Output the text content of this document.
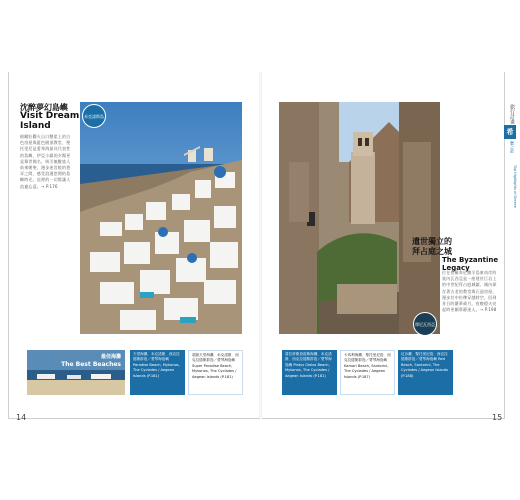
沈醉夢幻島嶼
Visit Dream Island
俯瞰壯觀火山口懸崖上的白色房屋與藍色圓頂教堂，聖托里尼是愛琴海最具代表性的島嶼，伊亞小鎮的夕陽更是舉世聞名，吸引無數旅人前來朝聖，漫步迷宮般的巷弄之間，感受浪漫悠閒的島嶼時光，這裡的一切都讓人流連忘返。→ P.176
米克諾斯島
摩尼瓦西亞
遺世獨立的
拜占庭之城
The Byzantine Legacy
位在伯羅奔尼撒半島東南岸的莫內瓦西亞是一座建於巨岩上的中世紀拜占庭城鎮，城內保存著古老的教堂與石造房屋，漫步其中彷彿穿越時空，回到昔日的繁華歲月，夜晚燈火亮起時更顯寧靜迷人。→ P.198
旅行計畫
希
臘之最
Top Highlights of Greece
最佳海灘
The Best Beaches
天堂海灘．米克諾斯．西克拉德斯群島／愛琴海島嶼 Paradise Beach, Mykonos, The Cyclades / Aegean Islands (P.181)
超級天堂海灘．米克諾斯．西克拉德斯群島／愛琴海島嶼 Super Paradise Beach, Mykonos, The Cyclades / Aegean Islands (P.181)
普拉蒂斯加洛斯海灘．米克諾斯．西克拉德斯群島／愛琴海島嶼 Platys Gialos Beach, Mykonos, The Cyclades / Aegean Islands (P.181)
卡馬利海灘．聖托里尼島．西克拉德斯群島／愛琴海島嶼 Kamari Beach, Santorini, The Cyclades / Aegean Islands (P.187)
紅沙灘．聖托里尼島．西克拉德斯群島／愛琴海島嶼 Red Beach, Santorini, The Cyclades / Aegean Islands (P.188)
14	15
